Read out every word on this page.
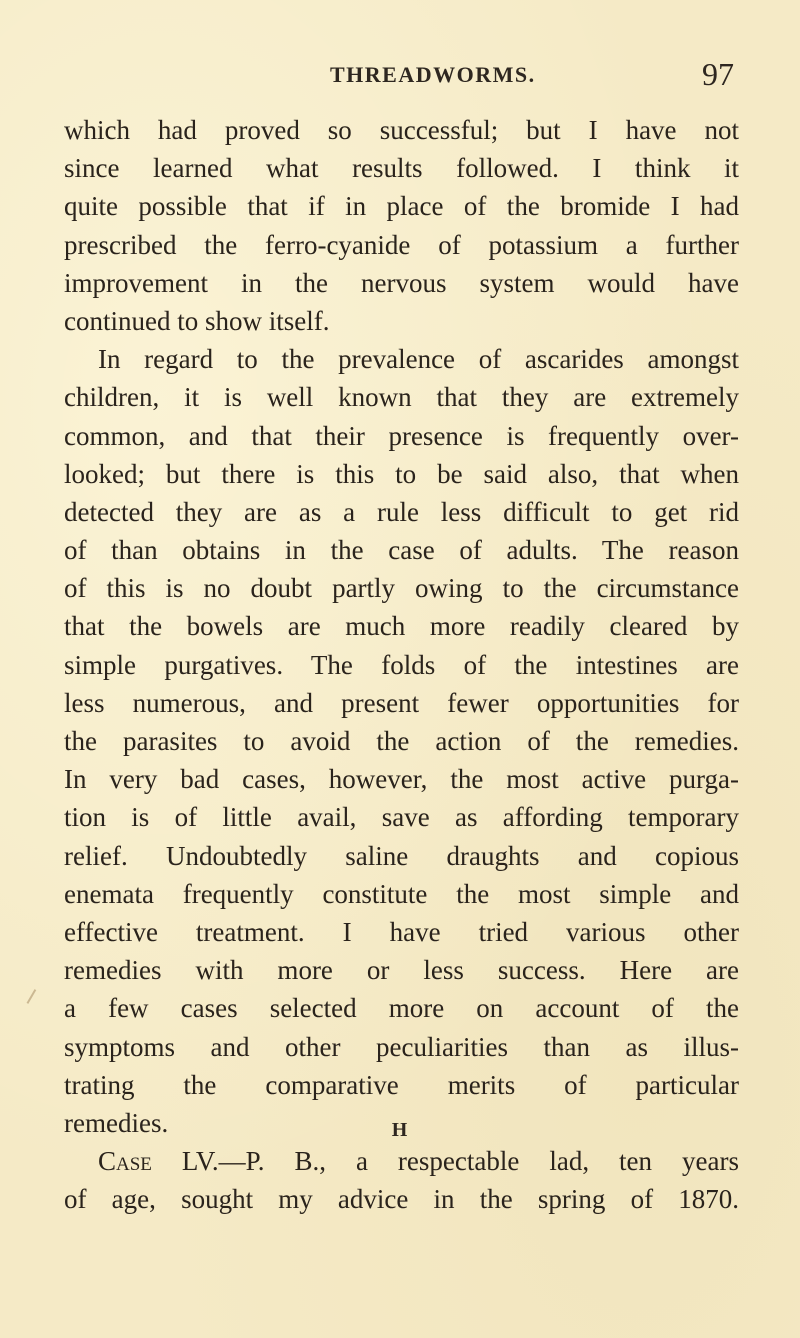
THREADWORMS.	97
which had proved so successful; but I have not
since learned what results followed. I think it
quite possible that if in place of the bromide I had
prescribed the ferro-cyanide of potassium a further
improvement in the nervous system would have
continued to show itself.
In regard to the prevalence of ascarides amongst
children, it is well known that they are extremely
common, and that their presence is frequently over-
looked; but there is this to be said also, that when
detected they are as a rule less difficult to get rid
of than obtains in the case of adults. The reason
of this is no doubt partly owing to the circumstance
that the bowels are much more readily cleared by
simple purgatives. The folds of the intestines are
less numerous, and present fewer opportunities for
the parasites to avoid the action of the remedies.
In very bad cases, however, the most active purga-
tion is of little avail, save as affording temporary
relief. Undoubtedly saline draughts and copious
enemata frequently constitute the most simple and
effective treatment. I have tried various other
remedies with more or less success. Here are
a few cases selected more on account of the
symptoms and other peculiarities than as illus-
trating the comparative merits of particular
remedies.
Case LV.—P. B., a respectable lad, ten years
of age, sought my advice in the spring of 1870.
H
